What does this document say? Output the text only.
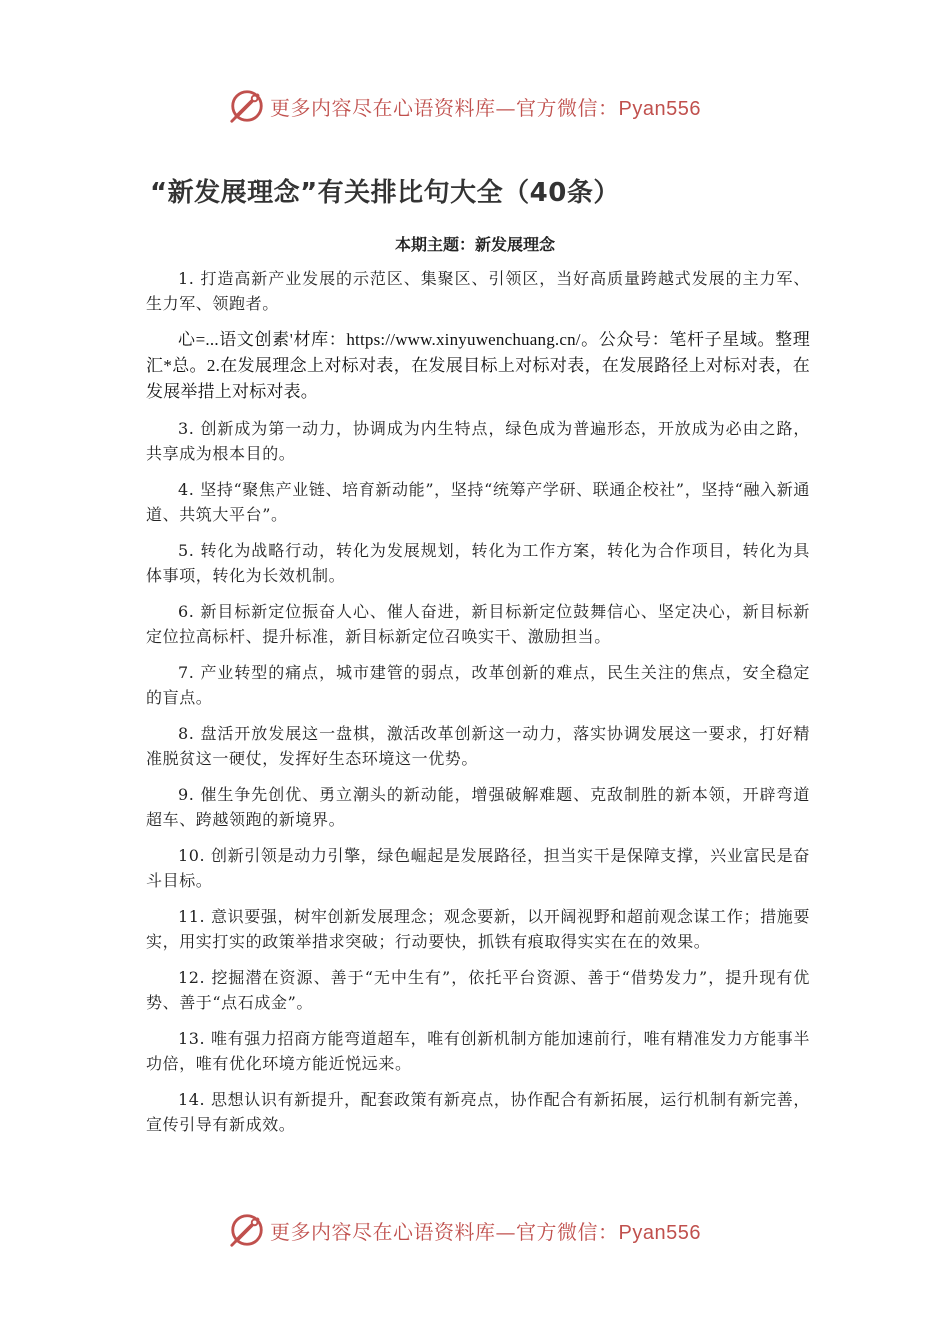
更多内容尽在心语资料库—官方微信：Pyan556
“新发展理念”有关排比句大全（40条）
本期主题：新发展理念

1. 打造高新产业发展的示范区、集聚区、引领区，当好高质量跨越式发展的主力军、生力军、领跑者。

心=...语文创素'材库：https://www.xinyuwenchuang.cn/。公众号：笔杆子星域。整理汇*总。2.在发展理念上对标对表，在发展目标上对标对表，在发展路径上对标对表，在发展举措上对标对表。

3. 创新成为第一动力，协调成为内生特点，绿色成为普遍形态，开放成为必由之路，共享成为根本目的。

4. 坚持“聚焦产业链、培育新动能”，坚持“统筹产学研、联通企校社”，坚持“融入新通道、共筑大平台”。

5. 转化为战略行动，转化为发展规划，转化为工作方案，转化为合作项目，转化为具体事项，转化为长效机制。

6. 新目标新定位振奋人心、催人奋进，新目标新定位鼓舞信心、坚定决心，新目标新定位拉高标杆、提升标准，新目标新定位召唤实干、激励担当。

7. 产业转型的痛点，城市建管的弱点，改革创新的难点，民生关注的焦点，安全稳定的盲点。

8. 盘活开放发展这一盘棋，激活改革创新这一动力，落实协调发展这一要求，打好精准脱贫这一硬仗，发挥好生态环境这一优势。

9. 催生争先创优、勇立潮头的新动能，增强破解难题、克敌制胜的新本领，开辟弯道超车、跨越领跑的新境界。

10. 创新引领是动力引擎，绿色崛起是发展路径，担当实干是保障支撑，兴业富民是奋斗目标。

11. 意识要强，树牢创新发展理念；观念要新，以开阔视野和超前观念谋工作；措施要实，用实打实的政策举措求突破；行动要快，抓铁有痕取得实实在在的效果。

12. 挖掘潜在资源、善于“无中生有”，依托平台资源、善于“借势发力”，提升现有优势、善于“点石成金”。

13. 唯有强力招商方能弯道超车，唯有创新机制方能加速前行，唯有精准发力方能事半功倍，唯有优化环境方能近悦远来。

14. 思想认识有新提升，配套政策有新亮点，协作配合有新拓展，运行机制有新完善，宣传引导有新成效。

更多内容尽在心语资料库—官方微信：Pyan556
